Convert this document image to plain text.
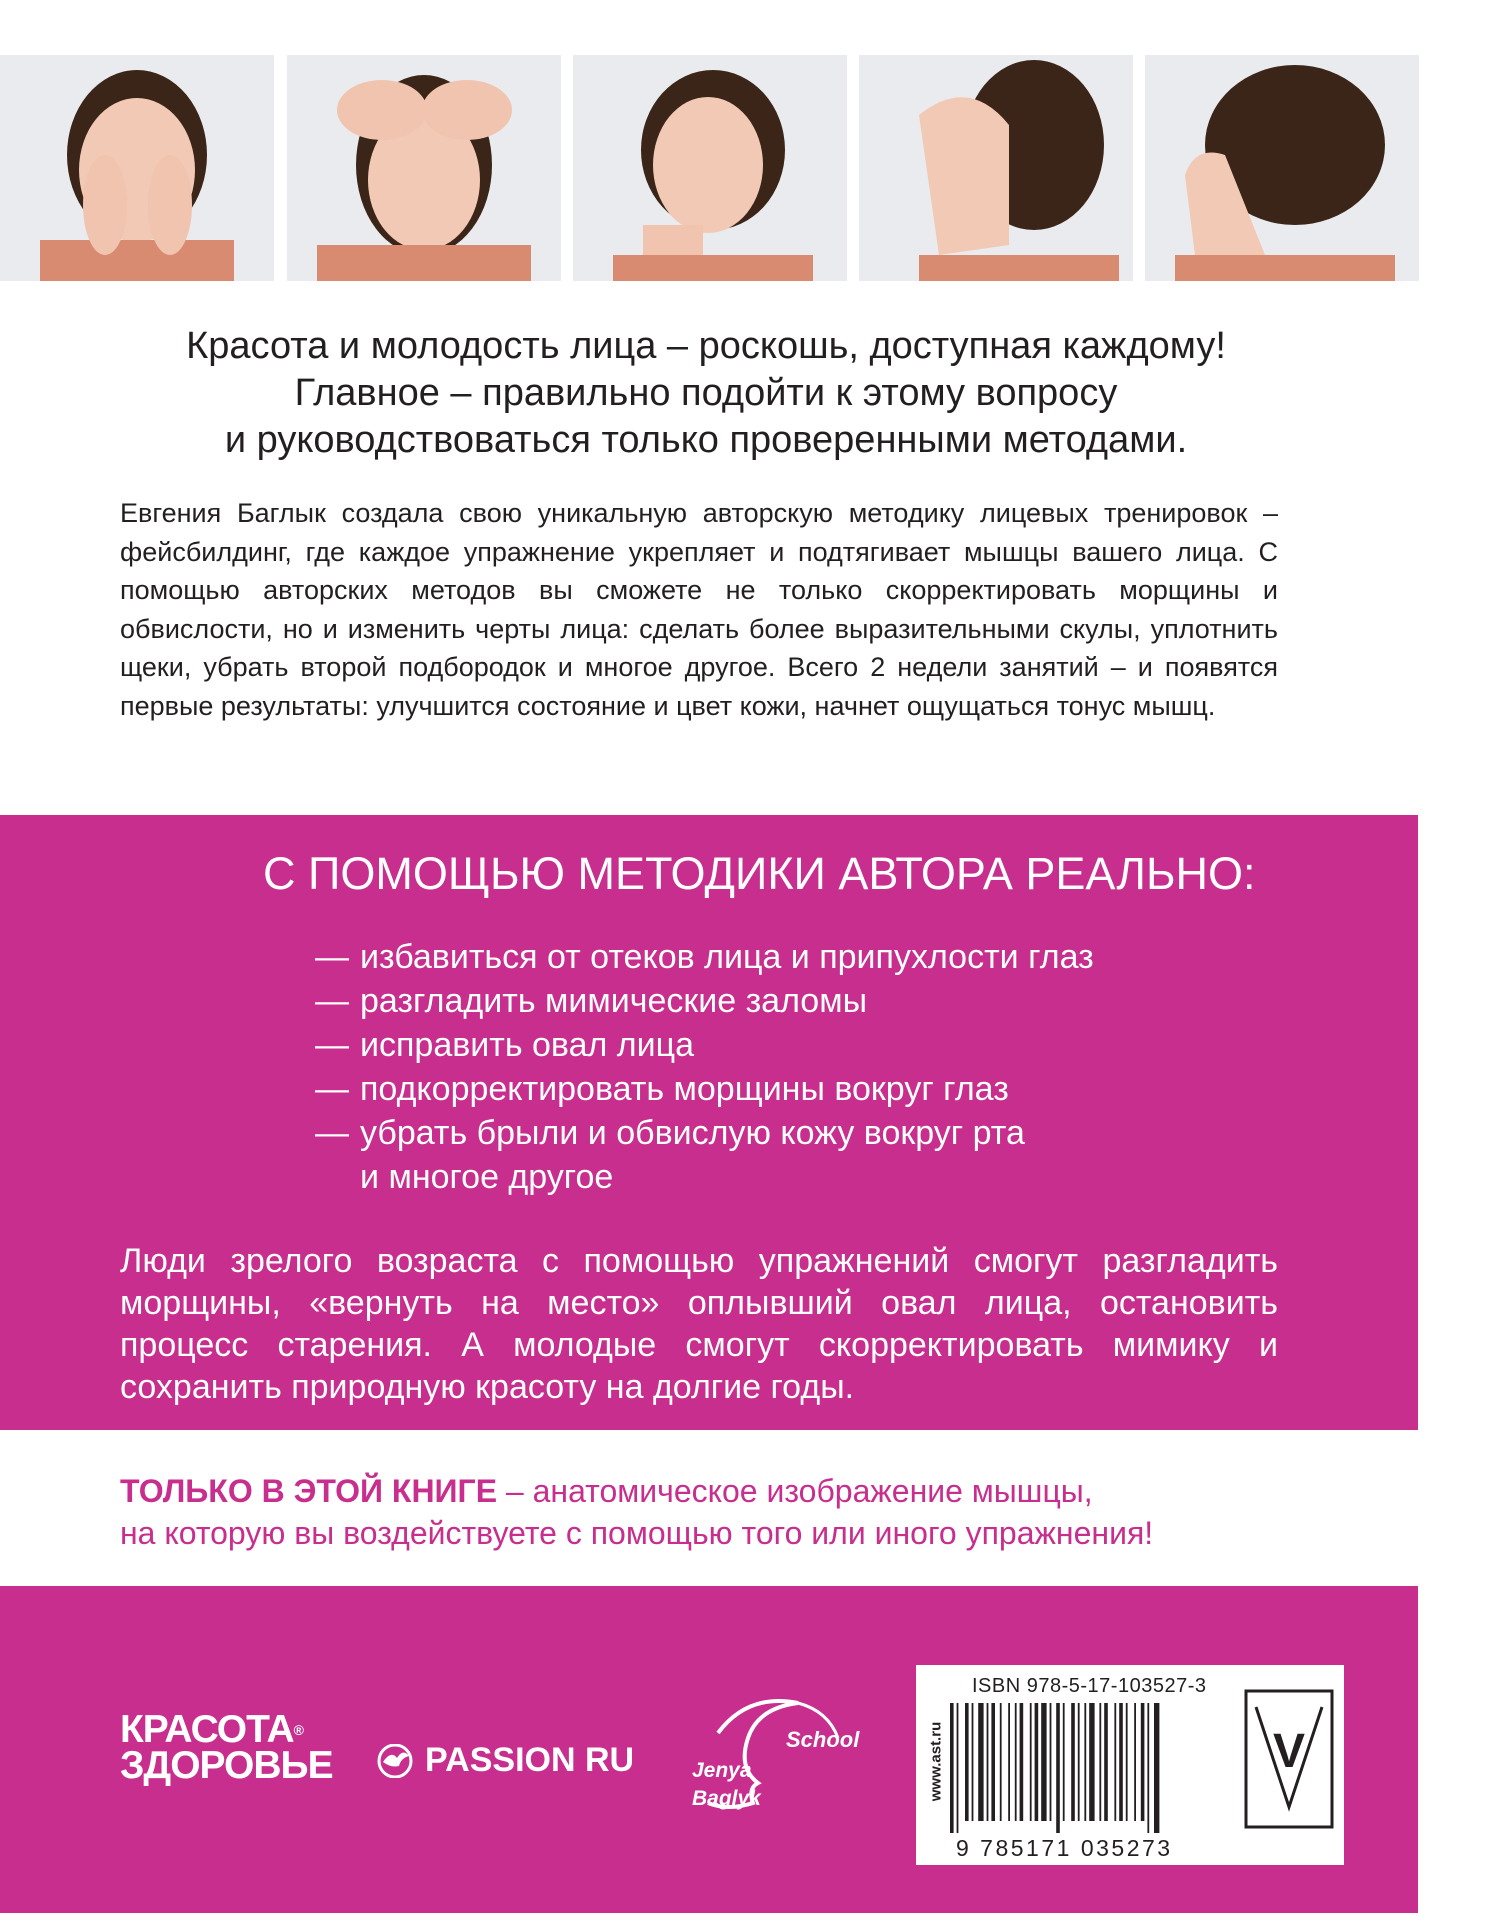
Красота и молодость лица – роскошь, доступная каждому!
Главное – правильно подойти к этому вопросу
и руководствоваться только проверенными методами.
Евгения Баглык создала свою уникальную авторскую методику лицевых тренировок – фейсбилдинг, где каждое упражнение укрепляет и подтягивает мышцы вашего лица. С помощью авторских методов вы сможете не только скорректировать морщины и обвислости, но и изменить черты лица: сделать более выразительными скулы, уплотнить щеки, убрать второй подбородок и многое другое. Всего 2 недели занятий – и появятся первые результаты: улучшится состояние и цвет кожи, начнет ощущаться тонус мышц.
С ПОМОЩЬЮ МЕТОДИКИ АВТОРА РЕАЛЬНО:
— избавиться от отеков лица и припухлости глаз
— разгладить мимические заломы
— исправить овал лица
— подкорректировать морщины вокруг глаз
— убрать брыли и обвислую кожу вокруг рта
и многое другое
Люди зрелого возраста с помощью упражнений смогут разгладить морщины, «вернуть на место» оплывший овал лица, остановить процесс старения. А молодые смогут скорректировать мимику и сохранить природную красоту на долгие годы.
ТОЛЬКО В ЭТОЙ КНИГЕ – анатомическое изображение мышцы,
на которую вы воздействуете с помощью того или иного упражнения!
КРАСОТА®
ЗДОРОВЬЕ	PASSION RU
School
Jenya
Baglyk	www.ast.ru
ISBN 978-5-17-103527-3
9 785171 035273
V
